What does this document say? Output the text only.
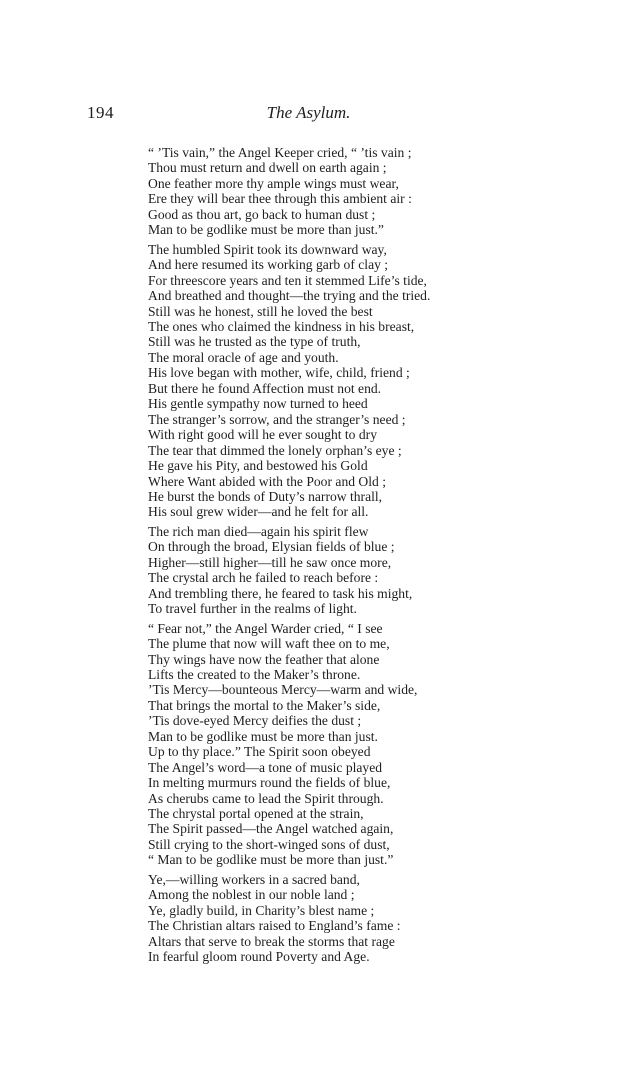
194	The Asylum.
“ ’Tis vain,” the Angel Keeper cried, “ ’tis vain ;
Thou must return and dwell on earth again ;
One feather more thy ample wings must wear,
Ere they will bear thee through this ambient air :
Good as thou art, go back to human dust ;
Man to be godlike must be more than just.”
The humbled Spirit took its downward way,
And here resumed its working garb of clay ;
For threescore years and ten it stemmed Life’s tide,
And breathed and thought—the trying and the tried.
Still was he honest, still he loved the best
The ones who claimed the kindness in his breast,
Still was he trusted as the type of truth,
The moral oracle of age and youth.
His love began with mother, wife, child, friend ;
But there he found Affection must not end.
His gentle sympathy now turned to heed
The stranger’s sorrow, and the stranger’s need ;
With right good will he ever sought to dry
The tear that dimmed the lonely orphan’s eye ;
He gave his Pity, and bestowed his Gold
Where Want abided with the Poor and Old ;
He burst the bonds of Duty’s narrow thrall,
His soul grew wider—and he felt for all.
The rich man died—again his spirit flew
On through the broad, Elysian fields of blue ;
Higher—still higher—till he saw once more,
The crystal arch he failed to reach before :
And trembling there, he feared to task his might,
To travel further in the realms of light.
“ Fear not,” the Angel Warder cried, “ I see
The plume that now will waft thee on to me,
Thy wings have now the feather that alone
Lifts the created to the Maker’s throne.
’Tis Mercy—bounteous Mercy—warm and wide,
That brings the mortal to the Maker’s side,
’Tis dove-eyed Mercy deifies the dust ;
Man to be godlike must be more than just.
Up to thy place.” The Spirit soon obeyed
The Angel’s word—a tone of music played
In melting murmurs round the fields of blue,
As cherubs came to lead the Spirit through.
The chrystal portal opened at the strain,
The Spirit passed—the Angel watched again,
Still crying to the short-winged sons of dust,
“ Man to be godlike must be more than just.”
Ye,—willing workers in a sacred band,
Among the noblest in our noble land ;
Ye, gladly build, in Charity’s blest name ;
The Christian altars raised to England’s fame :
Altars that serve to break the storms that rage
In fearful gloom round Poverty and Age.
